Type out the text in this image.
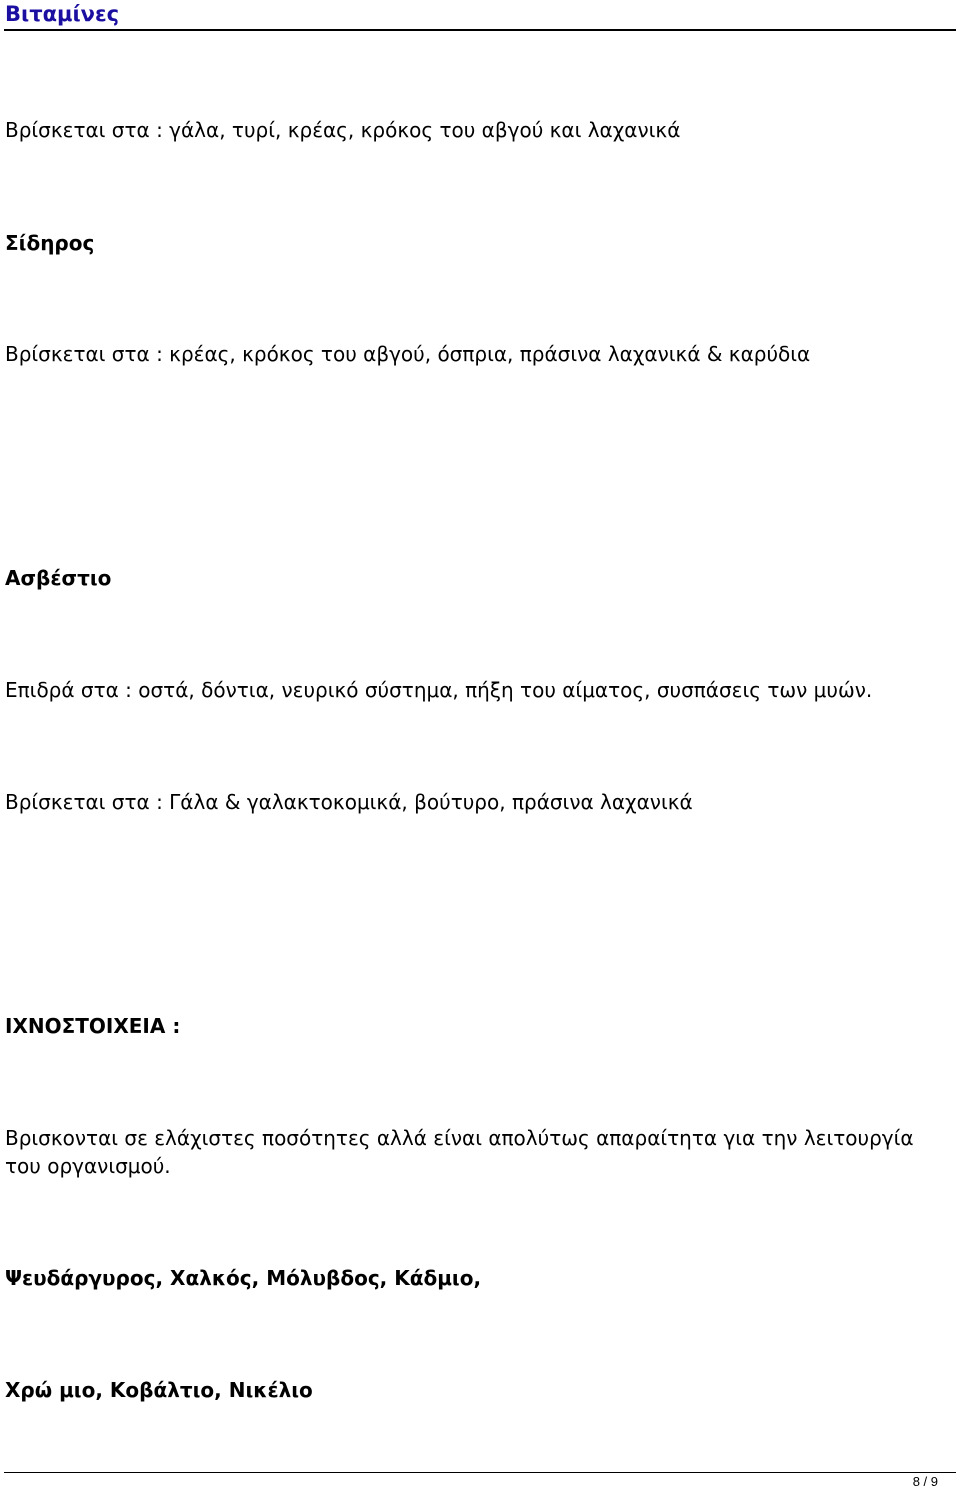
Βιταμίνες
Βρίσκεται στα : γάλα, τυρί, κρέας, κρόκος του αβγού και λαχανικά
Σίδηρος
Βρίσκεται στα : κρέας, κρόκος του αβγού, όσπρια, πράσινα λαχανικά & καρύδια
Ασβέστιο
Επιδρά στα : οστά, δόντια, νευρικό σύστημα, πήξη του αίματος, συσπάσεις των μυών.
Βρίσκεται στα : Γάλα & γαλακτοκομικά, βούτυρο, πράσινα λαχανικά
ΙΧΝΟΣΤΟΙΧΕΙΑ :
Βρισκονται σε ελάχιστες ποσότητες αλλά είναι απολύτως απαραίτητα για την λειτουργία του οργανισμού.
Ψευδάργυρος, Χαλκός, Μόλυβδος, Κάδμιο,
Χρώ μιο, Κοβάλτιο, Νικέλιο
8 / 9
